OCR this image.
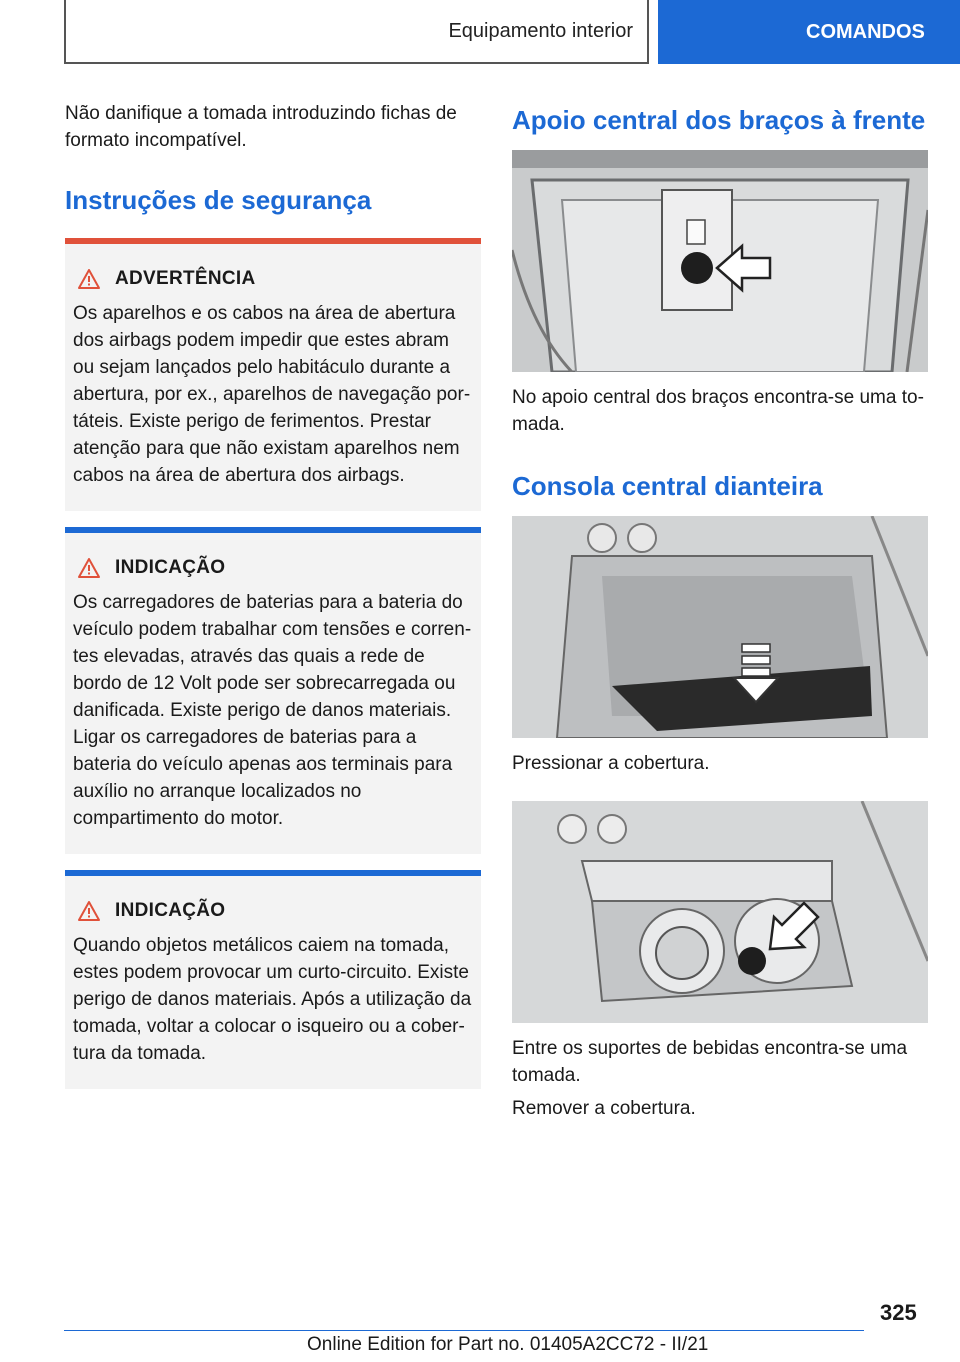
Equipamento interior	COMANDOS

Não danifique a tomada introduzindo fichas de formato incompatível.

Instruções de segurança
ADVERTÊNCIA

Os aparelhos e os cabos na área de abertura dos airbags podem impedir que estes abram ou sejam lançados pelo habitáculo durante a abertura, por ex., aparelhos de navegação portáteis. Existe perigo de ferimentos. Prestar atenção para que não existam aparelhos nem cabos na área de abertura dos airbags.

INDICAÇÃO

Os carregadores de baterias para a bateria do veículo podem trabalhar com tensões e correntes elevadas, através das quais a rede de bordo de 12 Volt pode ser sobrecarregada ou danificada. Existe perigo de danos materiais. Ligar os carregadores de baterias para a bateria do veículo apenas aos terminais para auxílio no arranque localizados no compartimento do motor.

INDICAÇÃO

Quando objetos metálicos caiem na tomada, estes podem provocar um curto-circuito. Existe perigo de danos materiais. Após a utilização da tomada, voltar a colocar o isqueiro ou a cobertura da tomada.

Apoio central dos braços à frente

No apoio central dos braços encontra-se uma tomada.

Consola central dianteira

Pressionar a cobertura.

Entre os suportes de bebidas encontra-se uma tomada.

Remover a cobertura.

325
Online Edition for Part no. 01405A2CC72 - II/21
